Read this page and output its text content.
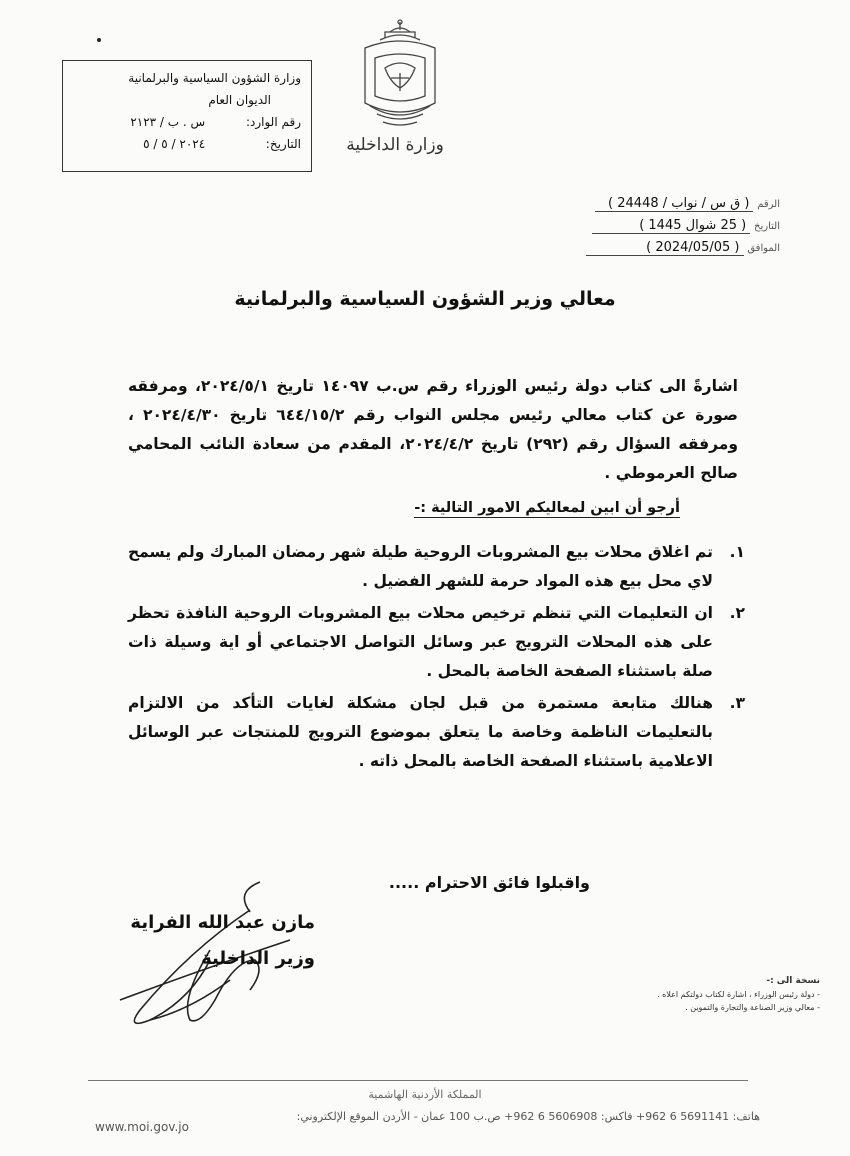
وزارة الشؤون السياسية والبرلمانية
الديوان العام
رقم الوارد: س . ب / ٢١٢٣
التاريخ: ٢٠٢٤ / ٥ / ٥	وزارة الداخلية
الرقم ( ق س / نواب / 24448 )
التاريخ ( 25 شوال 1445 )
الموافق ( 2024/05/05 )
معالي وزير الشؤون السياسية والبرلمانية

اشارةً الى كتاب دولة رئيس الوزراء رقم س.ب ١٤٠٩٧ تاريخ ٢٠٢٤/٥/١، ومرفقه صورة عن كتاب معالي رئيس مجلس النواب رقم ٦٤٤/١٥/٢ تاريخ ٢٠٢٤/٤/٣٠ ، ومرفقه السؤال رقم (٢٩٢) تاريخ ٢٠٢٤/٤/٢، المقدم من سعادة النائب المحامي صالح العرموطي .

أرجو أن ابين لمعاليكم الامور التالية :-
١.
تم اغلاق محلات بيع المشروبات الروحية طيلة شهر رمضان المبارك ولم يسمح لاي محل بيع هذه المواد حرمة للشهر الفضيل .
٢.
ان التعليمات التي تنظم ترخيص محلات بيع المشروبات الروحية النافذة تحظر على هذه المحلات الترويج عبر وسائل التواصل الاجتماعي أو اية وسيلة ذات صلة باستثناء الصفحة الخاصة بالمحل .
٣.
هنالك متابعة مستمرة من قبل لجان مشكلة لغايات التأكد من الالتزام بالتعليمات الناظمة وخاصة ما يتعلق بموضوع الترويج للمنتجات عبر الوسائل الاعلامية باستثناء الصفحة الخاصة بالمحل ذاته .
واقبلوا فائق الاحترام .....
مازن عبد الله الفراية
وزير الداخلية
نسخة الى :-
- دولة رئيس الوزراء ، اشارة لكتاب دولتكم اعلاه .
- معالي وزير الصناعة والتجارة والتموين .
المملكة الأردنية الهاشمية
هاتف: 5691141 6 962+ فاكس: 5606908 6 962+ ص.ب 100 عمان - الأردن الموقع الإلكتروني:
www.moi.gov.jo
